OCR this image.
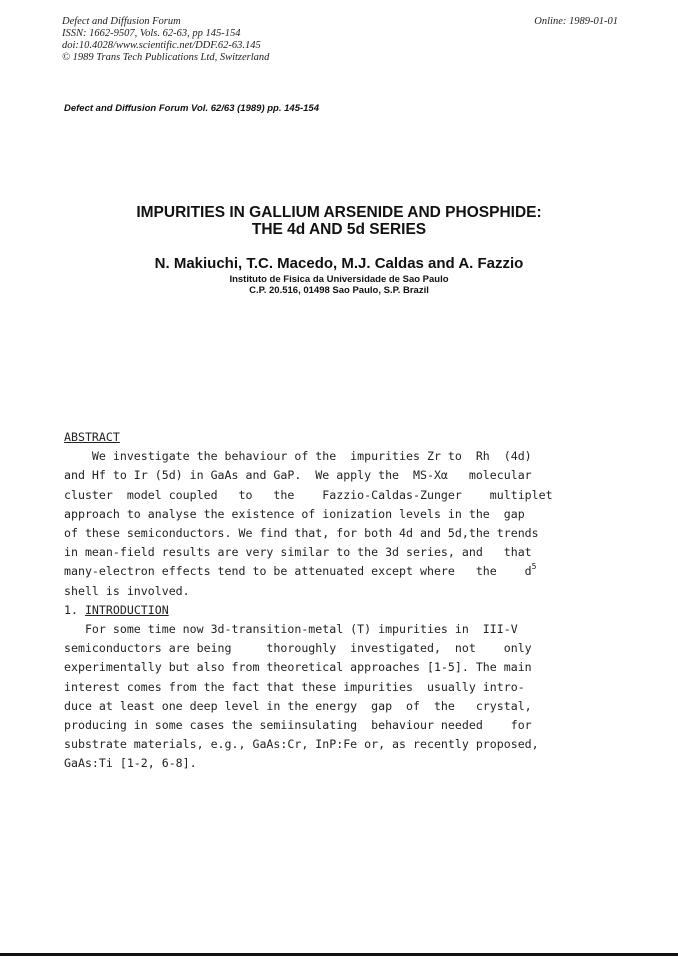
Defect and Diffusion Forum
ISSN: 1662-9507, Vols. 62-63, pp 145-154
doi:10.4028/www.scientific.net/DDF.62-63.145
© 1989 Trans Tech Publications Ltd, Switzerland
Online: 1989-01-01
Defect and Diffusion Forum Vol. 62/63 (1989) pp. 145-154
IMPURITIES IN GALLIUM ARSENIDE AND PHOSPHIDE:
THE 4d AND 5d SERIES
N. Makiuchi, T.C. Macedo, M.J. Caldas and A. Fazzio
Instituto de Fisica da Universidade de Sao Paulo
C.P. 20.516, 01498 Sao Paulo, S.P. Brazil
ABSTRACT
We investigate the behaviour of the  impurities Zr to  Rh  (4d)
and Hf to Ir (5d) in GaAs and GaP.  We apply the  MS-Xα   molecular
cluster  model coupled   to   the    Fazzio-Caldas-Zunger    multiplet
approach to analyse the existence of ionization levels in the  gap
of these semiconductors. We find that, for both 4d and 5d,the trends
in mean-field results are very similar to the 3d series, and   that
many-electron effects tend to be attenuated except where   the    $d^5$
shell is involved.
1. INTRODUCTION
For some time now 3d-transition-metal (T) impurities in  III-V
semiconductors are being     thoroughly  investigated,  not    only
experimentally but also from theoretical approaches [1-5]. The main
interest comes from the fact that these impurities  usually intro-
duce at least one deep level in the energy  gap  of  the   crystal,
producing in some cases the semiinsulating  behaviour needed    for
substrate materials, e.g., GaAs:Cr, InP:Fe or, as recently proposed,
GaAs:Ti [1-2, 6-8].
